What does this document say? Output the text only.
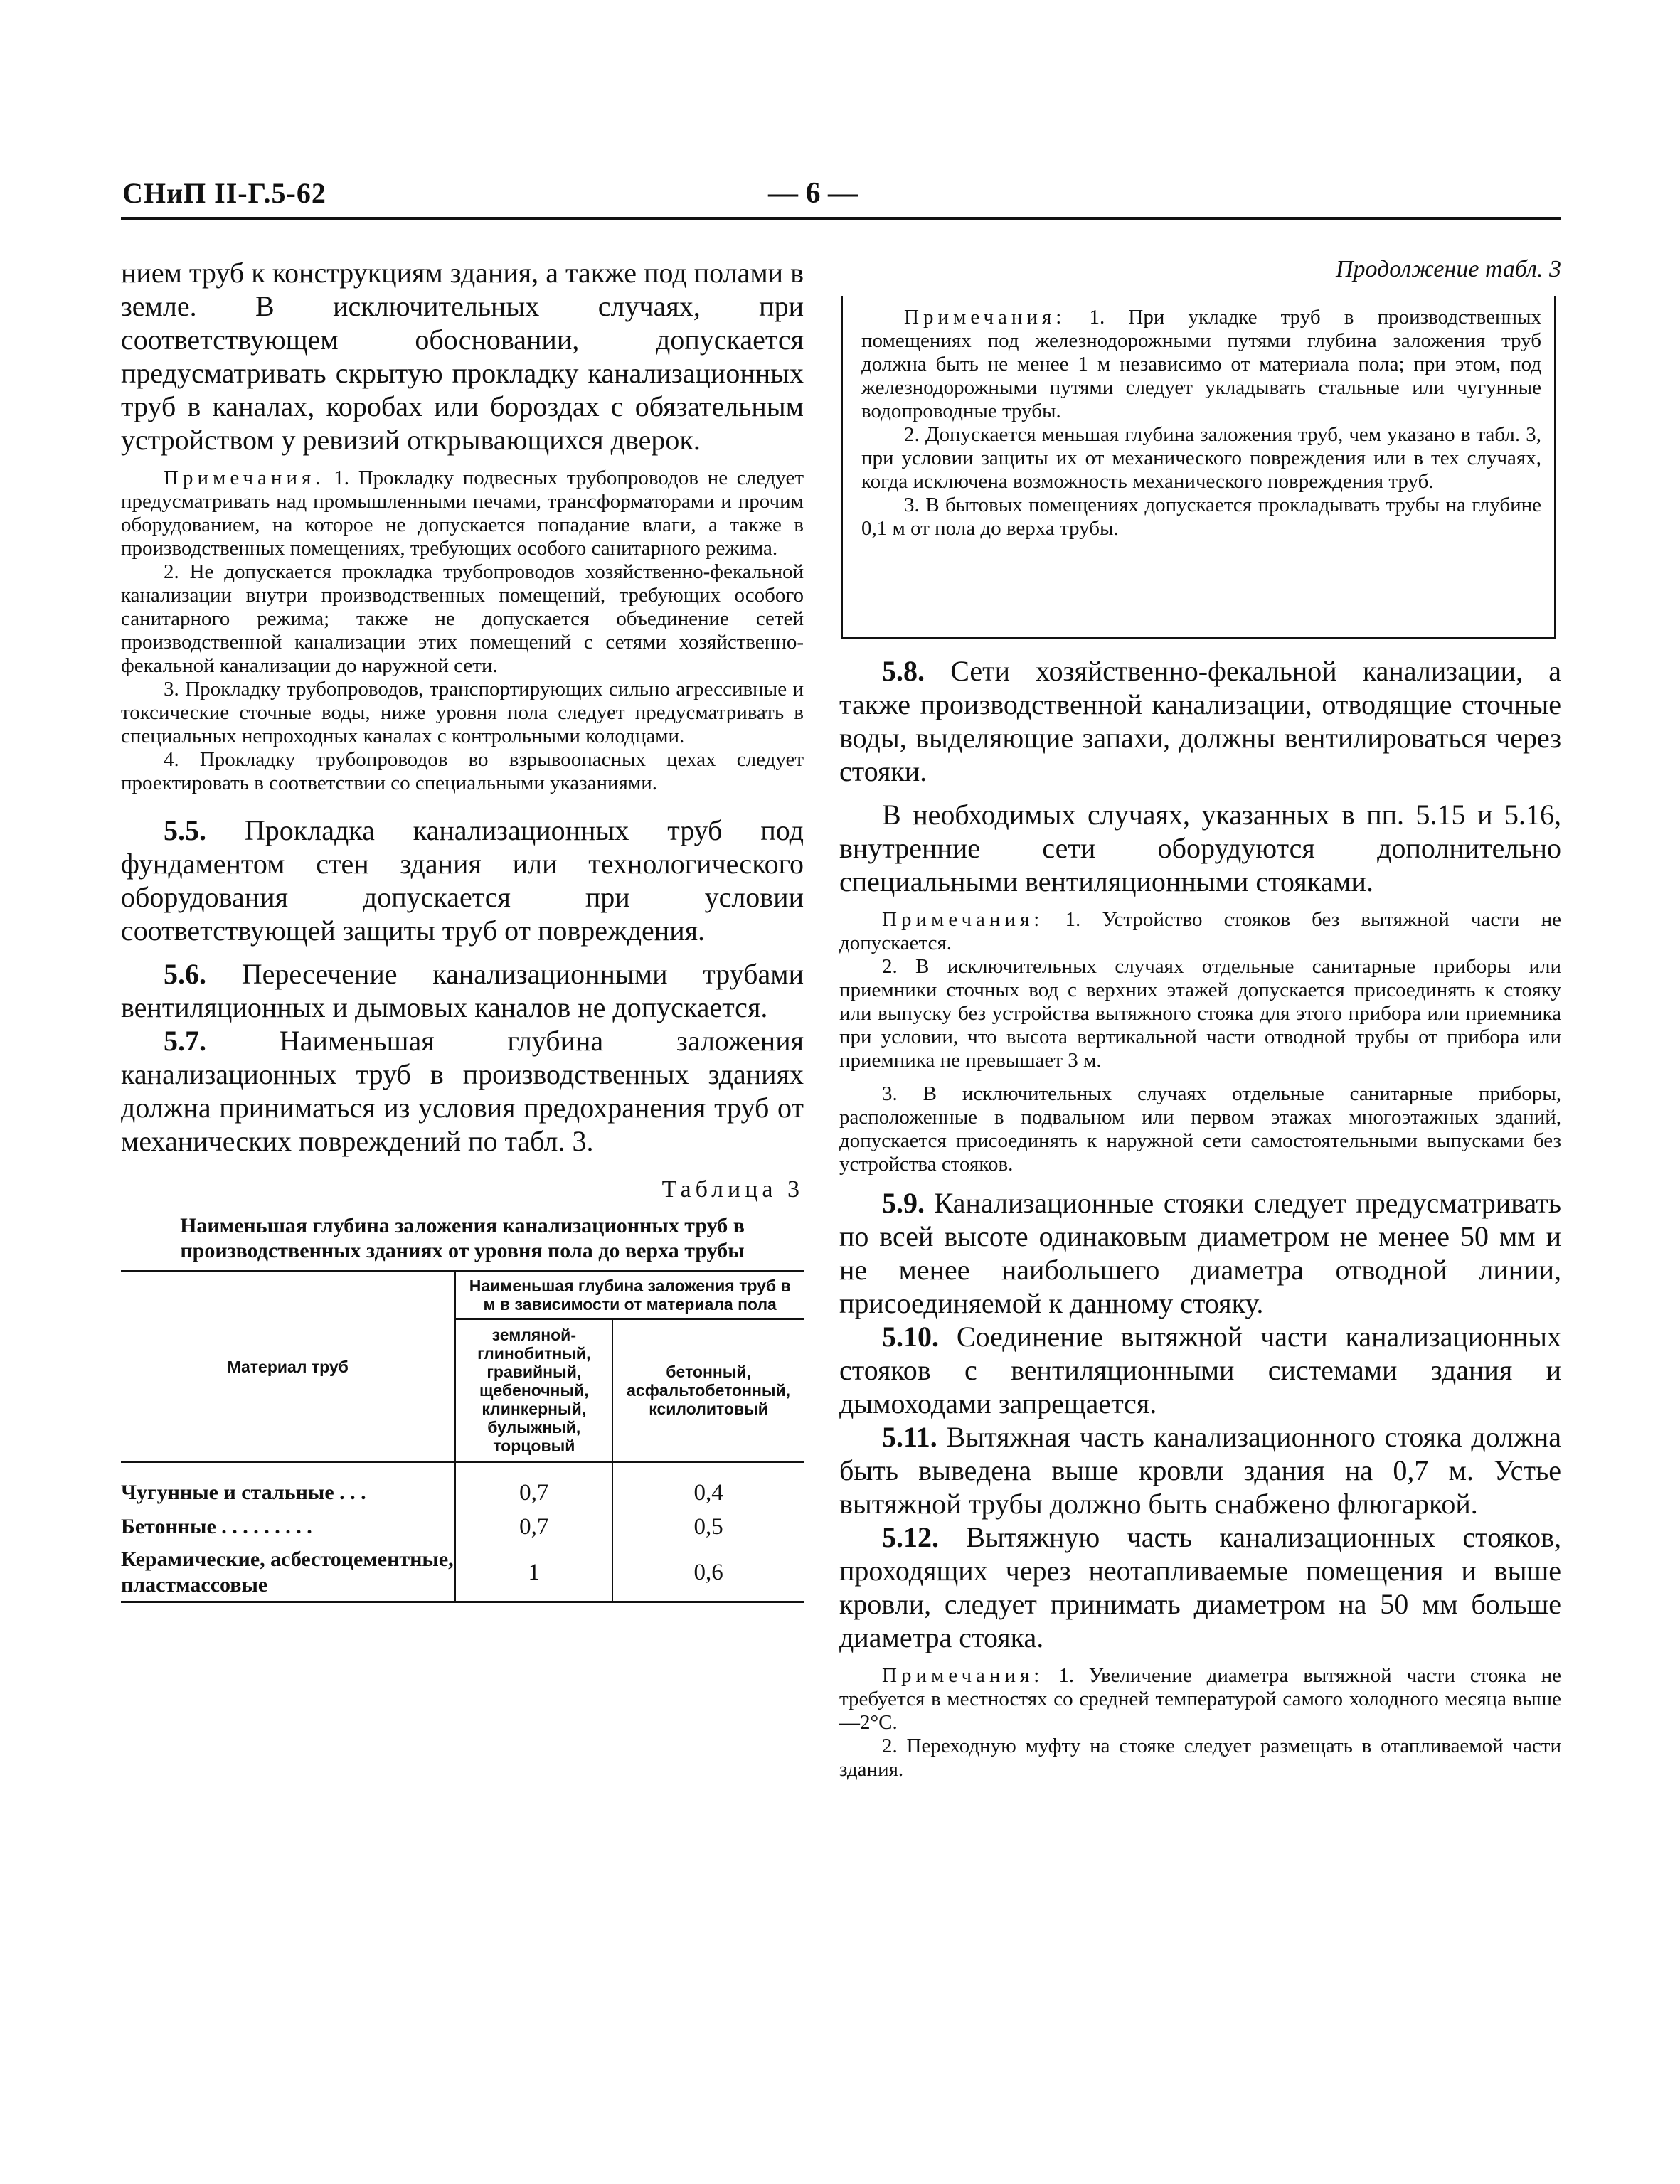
СНиП II-Г.5-62	— 6 —

нием труб к конструкциям здания, а также под полами в земле. В исключительных случаях, при соответствующем обосновании, допускается предусматривать скрытую прокладку канализационных труб в каналах, коробах или бороздах с обязательным устройством у ревизий открывающихся дверок.

Примечания. 1. Прокладку подвесных трубопроводов не следует предусматривать над промышленными печами, трансформаторами и прочим оборудованием, на которое не допускается попадание влаги, а также в производственных помещениях, требующих особого санитарного режима.

2. Не допускается прокладка трубопроводов хозяйственно-фекальной канализации внутри производственных помещений, требующих особого санитарного режима; также не допускается объединение сетей производственной канализации этих помещений с сетями хозяйственно-фекальной канализации до наружной сети.

3. Прокладку трубопроводов, транспортирующих сильно агрессивные и токсические сточные воды, ниже уровня пола следует предусматривать в специальных непроходных каналах с контрольными колодцами.

4. Прокладку трубопроводов во взрывоопасных цехах следует проектировать в соответствии со специальными указаниями.

5.5. Прокладка канализационных труб под фундаментом стен здания или технологического оборудования допускается при условии соответствующей защиты труб от повреждения.

5.6. Пересечение канализационными трубами вентиляционных и дымовых каналов не допускается.

5.7.	Наименьшая глубина заложения канализационных труб в производственных зданиях должна приниматься из условия предохранения труб от механических повреждений по табл. 3.

Таблица 3

Наименьшая глубина заложения канализационных труб в производственных зданиях от уровня пола до верха трубы

Материал труб	Наименьшая глубина заложения труб в м в зависимости от материала пола	
	земляной-глинобитный, гравийный, щебеночный, клинкерный, булыжный, торцовый	бетонный, асфальтобетонный, ксилолитовый
Чугунные и стальные . . .	0,7	0,4
Бетонные . . . . . . . . .	0,7	0,5
Керамические, асбестоцементные, пластмассовые	1	0,6
Продолжение табл. 3

Примечания: 1. При укладке труб в производственных помещениях под железнодорожными путями глубина заложения труб должна быть не менее 1 м независимо от материала пола; при этом, под железнодорожными путями следует укладывать стальные или чугунные водопроводные трубы.

2. Допускается меньшая глубина заложения труб, чем указано в табл. 3, при условии защиты их от механического повреждения или в тех случаях, когда исключена возможность механического повреждения труб.

3. В бытовых помещениях допускается прокладывать трубы на глубине 0,1 м от пола до верха трубы.

5.8. Сети хозяйственно-фекальной канализации, а также производственной канализации, отводящие сточные воды, выделяющие запахи, должны вентилироваться через стояки.

В необходимых случаях, указанных в пп. 5.15 и 5.16, внутренние сети оборудуются дополнительно специальными вентиляционными стояками.

Примечания: 1. Устройство стояков без вытяжной части не допускается.

2. В исключительных случаях отдельные санитарные приборы или приемники сточных вод с верхних этажей допускается присоединять к стояку или выпуску без устройства вытяжного стояка для этого прибора или приемника при условии, что высота вертикальной части отводной трубы от прибора или приемника не превышает 3 м.

3. В исключительных случаях отдельные санитарные приборы, расположенные в подвальном или первом этажах многоэтажных зданий, допускается присоединять к наружной сети самостоятельными выпусками без устройства стояков.

5.9. Канализационные стояки следует предусматривать по всей высоте одинаковым диаметром не менее 50 мм и не менее наибольшего диаметра отводной линии, присоединяемой к данному стояку.

5.10. Соединение вытяжной части канализационных стояков с вентиляционными системами здания и дымоходами запрещается.

5.11. Вытяжная часть канализационного стояка должна быть выведена выше кровли здания на 0,7 м. Устье вытяжной трубы должно быть снабжено флюгаркой.

5.12. Вытяжную часть канализационных стояков, проходящих через неотапливаемые помещения и выше кровли, следует принимать диаметром на 50 мм больше диаметра стояка.

Примечания: 1. Увеличение диаметра вытяжной части стояка не требуется в местностях со средней температурой самого холодного месяца выше —2°С.

2. Переходную муфту на стояке следует размещать в отапливаемой части здания.
